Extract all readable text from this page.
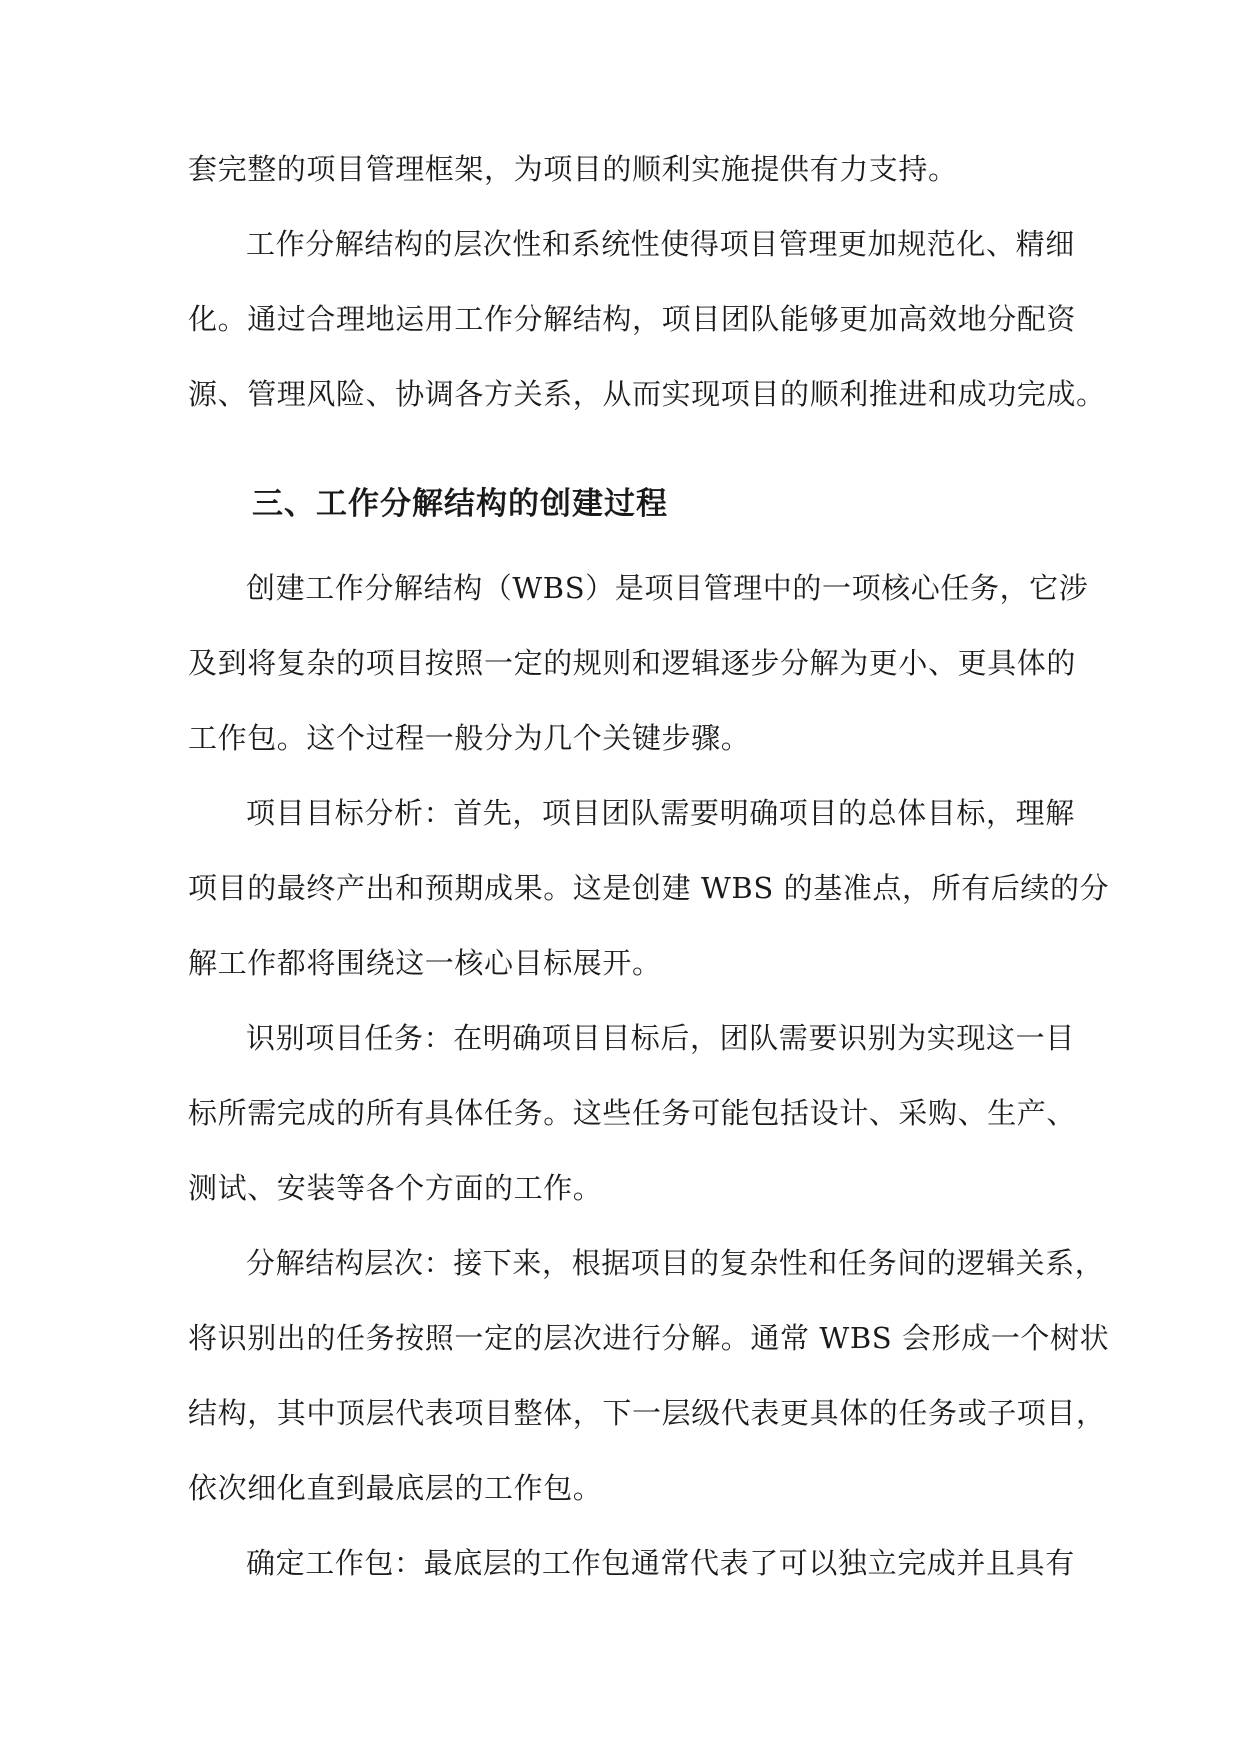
套完整的项目管理框架，为项目的顺利实施提供有力支持。

工作分解结构的层次性和系统性使得项目管理更加规范化、精细

化。通过合理地运用工作分解结构，项目团队能够更加高效地分配资

源、管理风险、协调各方关系，从而实现项目的顺利推进和成功完成。

三、工作分解结构的创建过程

创建工作分解结构（WBS）是项目管理中的一项核心任务，它涉

及到将复杂的项目按照一定的规则和逻辑逐步分解为更小、更具体的

工作包。这个过程一般分为几个关键步骤。

项目目标分析：首先，项目团队需要明确项目的总体目标，理解

项目的最终产出和预期成果。这是创建 WBS 的基准点，所有后续的分

解工作都将围绕这一核心目标展开。

识别项目任务：在明确项目目标后，团队需要识别为实现这一目

标所需完成的所有具体任务。这些任务可能包括设计、采购、生产、

测试、安装等各个方面的工作。

分解结构层次：接下来，根据项目的复杂性和任务间的逻辑关系，

将识别出的任务按照一定的层次进行分解。通常 WBS 会形成一个树状

结构，其中顶层代表项目整体，下一层级代表更具体的任务或子项目，

依次细化直到最底层的工作包。

确定工作包：最底层的工作包通常代表了可以独立完成并且具有
